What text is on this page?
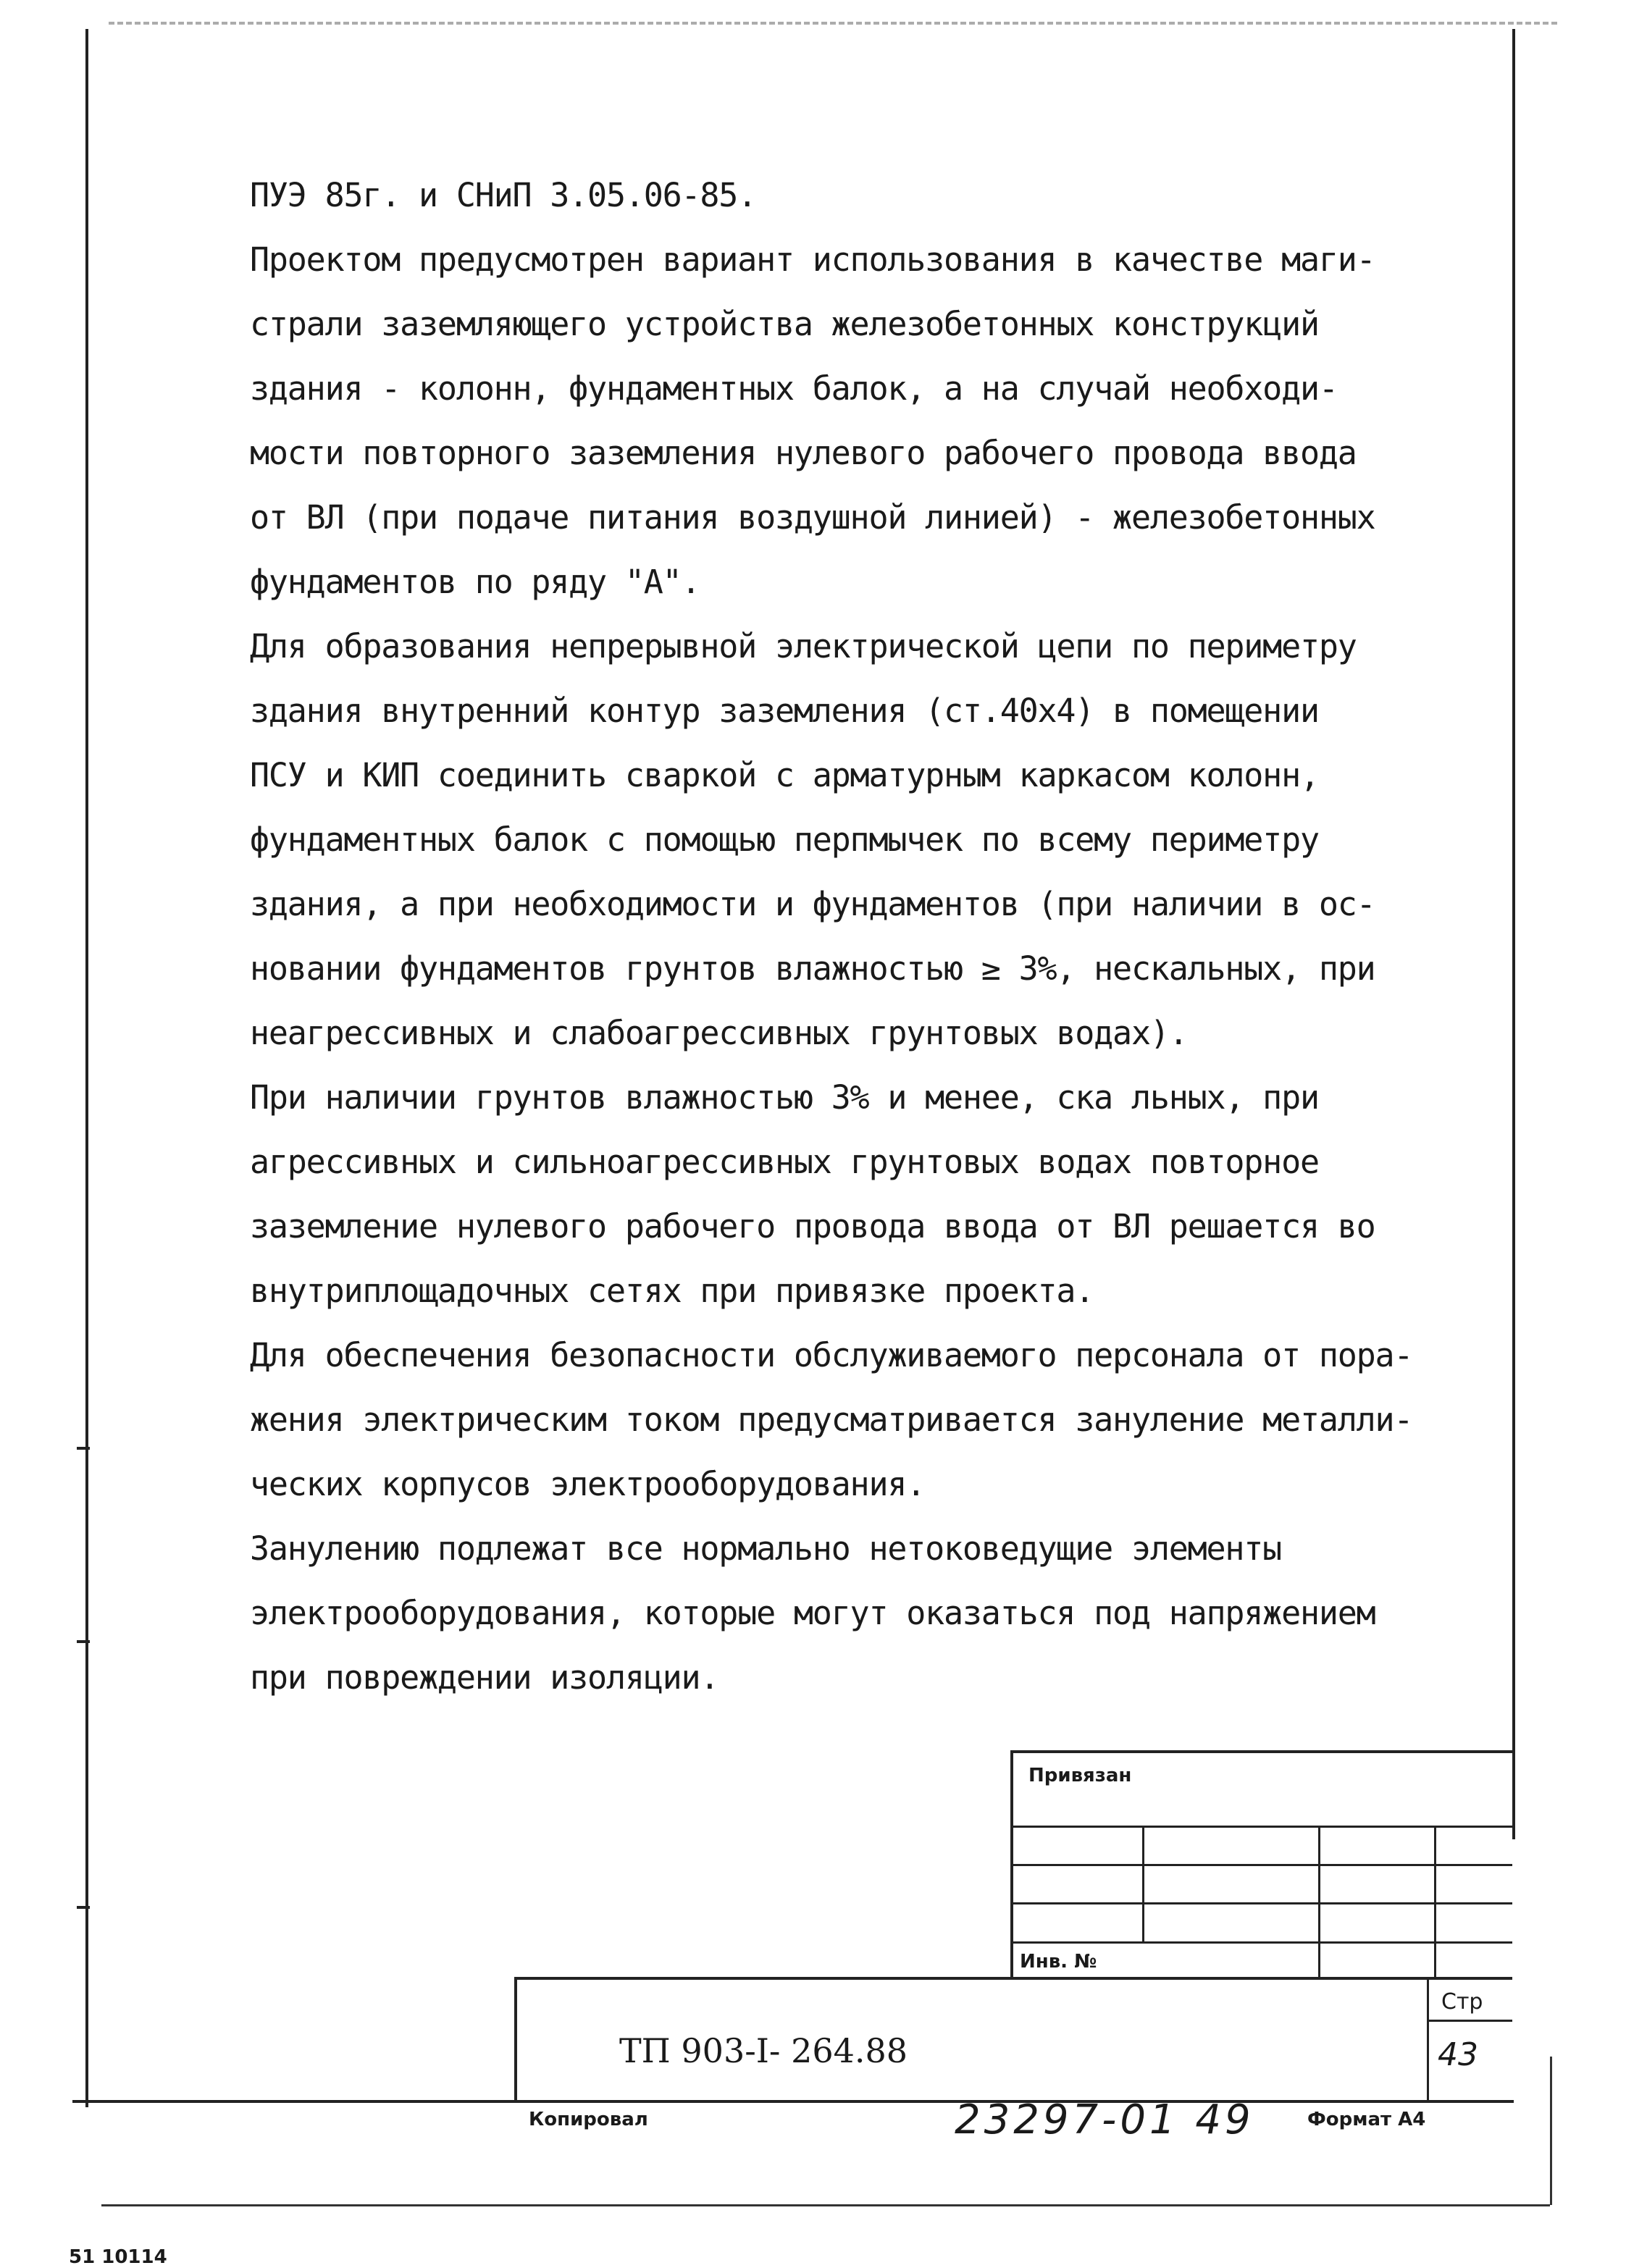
ПУЭ 85г. и СНиП 3.05.06-85.
Проектом предусмотрен вариант использования в качестве маги-
страли заземляющего устройства железобетонных конструкций
здания - колонн, фундаментных балок, а на случай необходи-
мости повторного заземления нулевого рабочего провода ввода
от ВЛ (при подаче питания воздушной линией) - железобетонных
фундаментов по ряду "А".
Для образования непрерывной электрической цепи по периметру
здания внутренний контур заземления (ст.40х4) в помещении
ПСУ и КИП соединить сваркой с арматурным каркасом колонн,
фундаментных балок с помощью перпмычек по всему периметру
здания, а при необходимости и фундаментов (при наличии в ос-
новании фундаментов грунтов влажностью ≥ 3%, нескальных, при
неагрессивных и слабоагрессивных грунтовых водах).
При наличии грунтов влажностью 3% и менее, ска льных, при
агрессивных и сильноагрессивных грунтовых водах повторное
заземление нулевого рабочего провода ввода от ВЛ решается во
внутриплощадочных сетях при привязке проекта.
Для обеспечения безопасности обслуживаемого персонала от пора-
жения электрическим током предусматривается зануление металли-
ческих корпусов электрооборудования.
Занулению подлежат все нормально нетоковедущие элементы
электрооборудования, которые могут оказаться под напряжением
при повреждении изоляции.
Привязан
Инв. №
Стр
ТП 903-I- 264.88	43
Копировал	23297-01 49	Формат А4
51 10114
